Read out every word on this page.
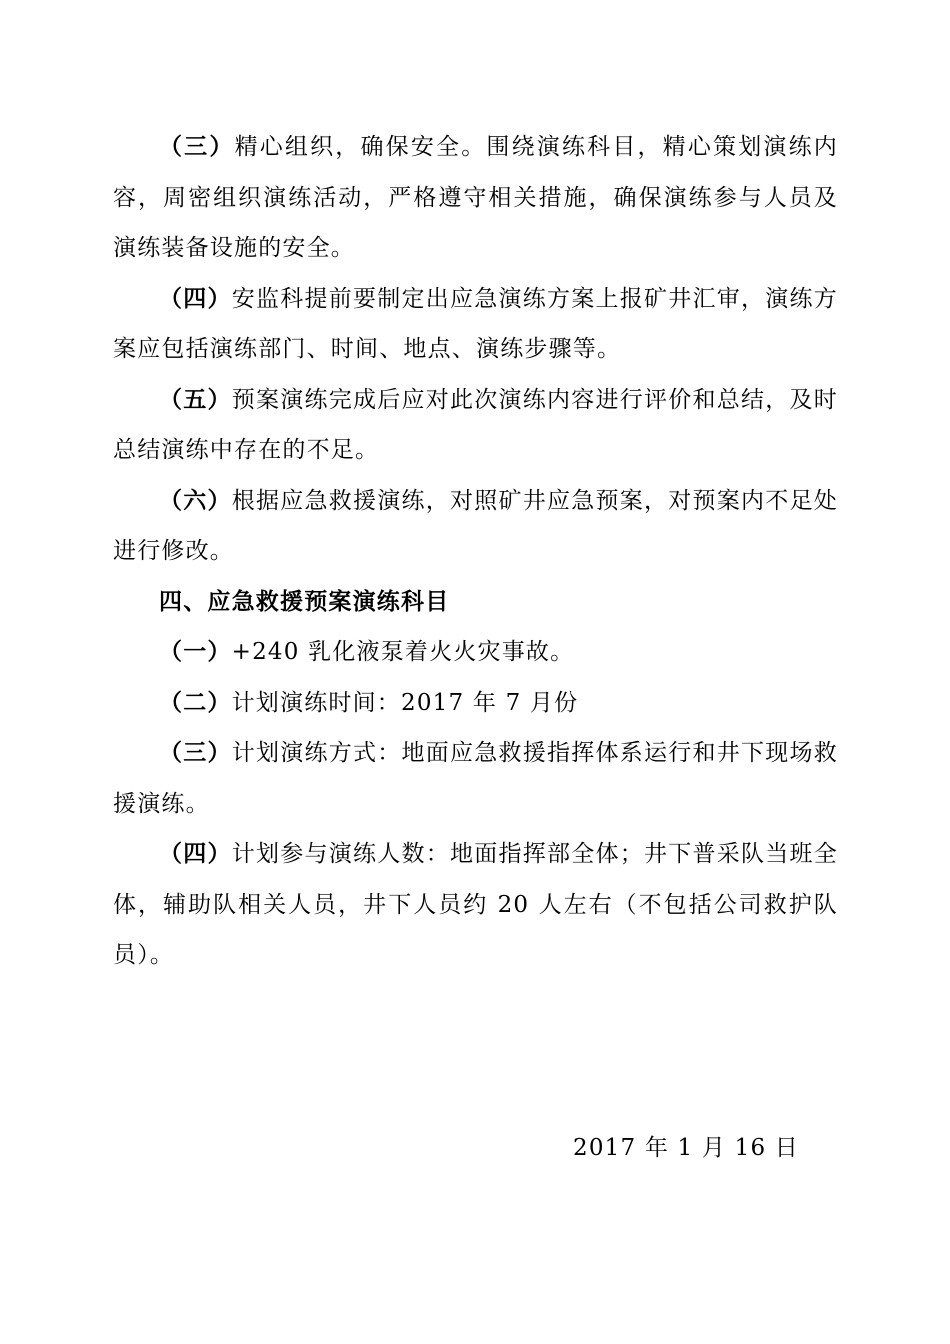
（三）精心组织，确保安全。围绕演练科目，精心策划演练内容，周密组织演练活动，严格遵守相关措施，确保演练参与人员及演练装备设施的安全。

（四）安监科提前要制定出应急演练方案上报矿井汇审，演练方案应包括演练部门、时间、地点、演练步骤等。

（五）预案演练完成后应对此次演练内容进行评价和总结，及时总结演练中存在的不足。

（六）根据应急救援演练，对照矿井应急预案，对预案内不足处进行修改。

四、应急救援预案演练科目

（一）+240 乳化液泵着火火灾事故。

（二）计划演练时间：2017 年 7 月份

（三）计划演练方式：地面应急救援指挥体系运行和井下现场救援演练。

（四）计划参与演练人数：地面指挥部全体；井下普采队当班全体，辅助队相关人员，井下人员约 20 人左右（不包括公司救护队员）。

2017 年 1 月 16 日
